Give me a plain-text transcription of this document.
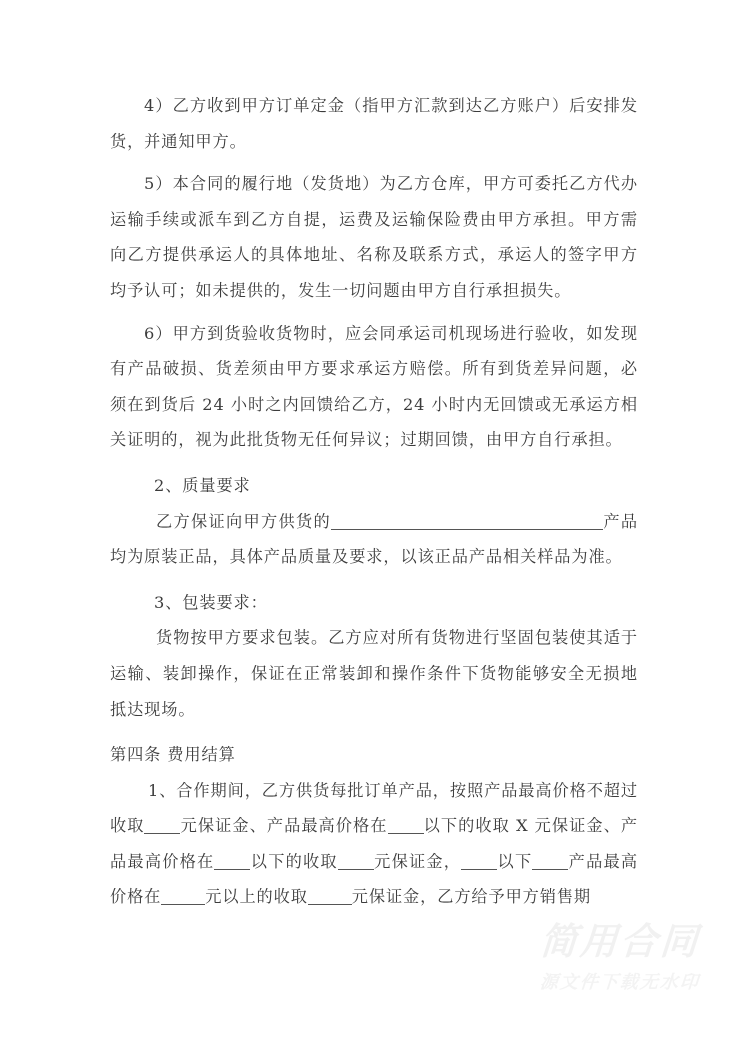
简用合同
源文件下载无水印

4）乙方收到甲方订单定金（指甲方汇款到达乙方账户）后安排发货，并通知甲方。

5）本合同的履行地（发货地）为乙方仓库，甲方可委托乙方代办运输手续或派车到乙方自提，运费及运输保险费由甲方承担。甲方需向乙方提供承运人的具体地址、名称及联系方式，承运人的签字甲方均予认可；如未提供的，发生一切问题由甲方自行承担损失。

6）甲方到货验收货物时，应会同承运司机现场进行验收，如发现有产品破损、货差须由甲方要求承运方赔偿。所有到货差异问题，必须在到货后 24 小时之内回馈给乙方，24 小时内无回馈或无承运方相关证明的，视为此批货物无任何异议；过期回馈，由甲方自行承担。

2、质量要求

乙方保证向甲方供货的	产品均为原装正品，具体产品质量及要求，以该正品产品相关样品为准。

3、包装要求：

货物按甲方要求包装。乙方应对所有货物进行坚固包装使其适于运输、装卸操作，保证在正常装卸和操作条件下货物能够安全无损地抵达现场。

第四条 费用结算

1、合作期间，乙方供货每批订单产品，按照产品最高价格不超过收取 元保证金、产品最高价格在 以下的收取 X 元保证金、产品最高价格在 以下的收取 元保证金， 以下 产品最高价格在	元以上的收取	元保证金，乙方给予甲方销售期
